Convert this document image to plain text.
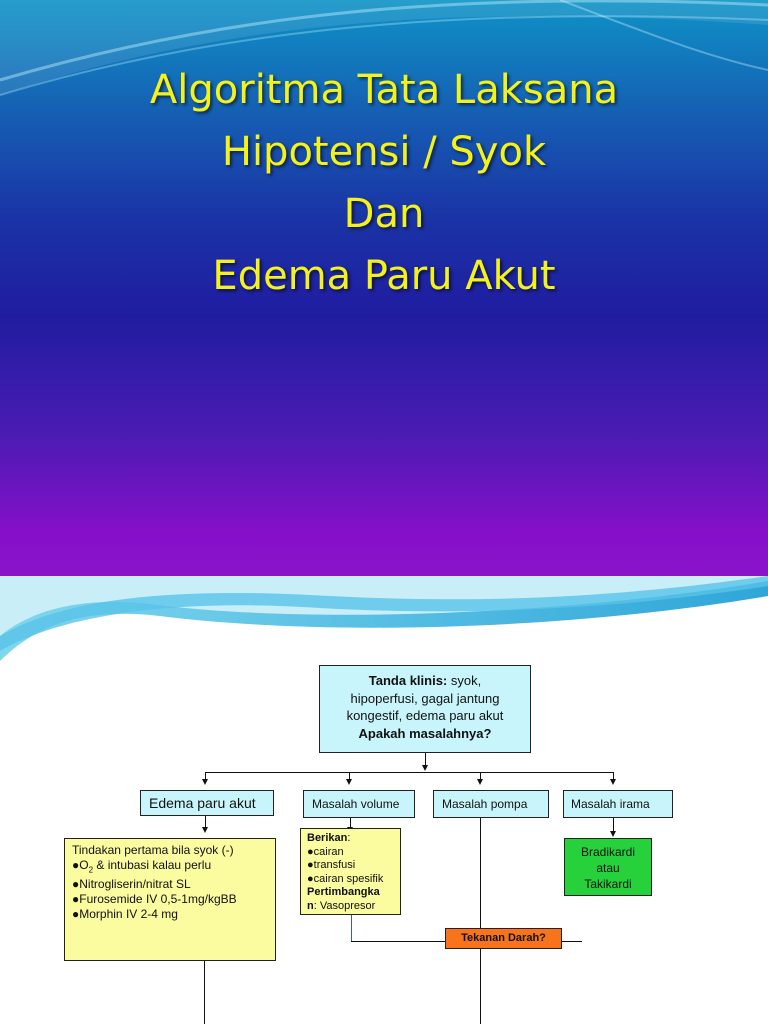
Algoritma Tata Laksana
Hipotensi / Syok
Dan
Edema Paru Akut
Tanda klinis: syok,
hipoperfusi, gagal jantung
kongestif, edema paru akut
Apakah masalahnya?
Edema paru akut	Masalah volume	Masalah pompa	Masalah irama
Tindakan pertama bila syok (-)
$●O_2$ & intubasi kalau perlu
●Nitrogliserin/nitrat SL
●Furosemide IV 0,5-1mg/kgBB
●Morphin IV 2-4 mg
Berikan:
●cairan
●transfusi
●cairan spesifik
Pertimbangka
n: Vasopresor
Bradikardi
atau
Takikardi
Tekanan Darah?
